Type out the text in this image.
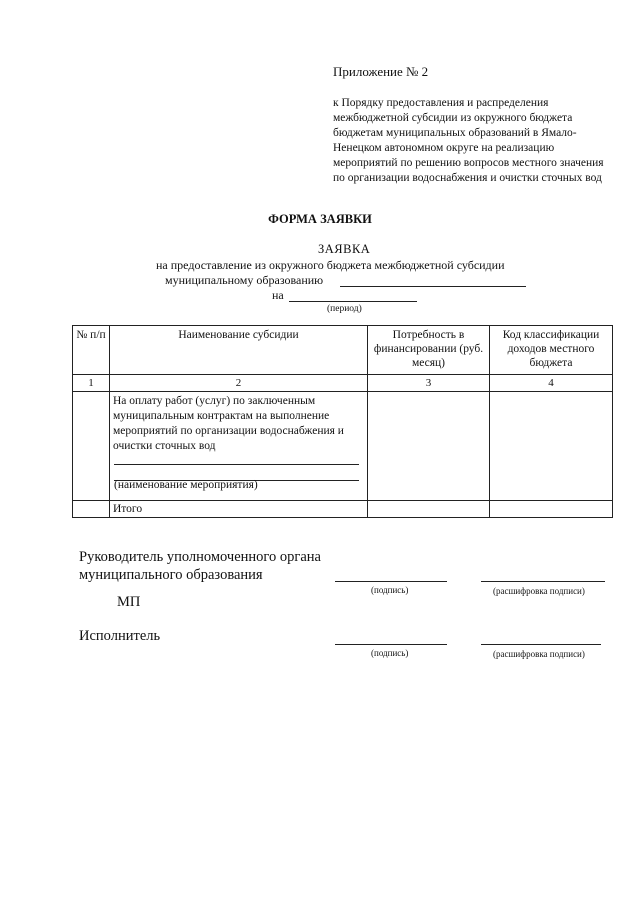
Приложение № 2
к Порядку предоставления и распределения межбюджетной субсидии из окружного бюджета бюджетам муниципальных образований в Ямало-Ненецком автономном округе на реализацию мероприятий по решению вопросов местного значения по организации водоснабжения и очистки сточных вод
ФОРМА ЗАЯВКИ
ЗАЯВКА
на предоставление из окружного бюджета межбюджетной субсидии
муниципальному образованию
на
(период)
№ п/п	Наименование субсидии	Потребность в финансировании (руб. месяц)	Код классификации доходов местного бюджета
1	2	3	4
	На оплату работ (услуг) по заключенным муниципальным контрактам на выполнение мероприятий по организации водоснабжения и очистки сточных вод
(наименование мероприятия)		

	Итого		
Руководитель уполномоченного органа муниципального образования
(подпись)	(расшифровка подписи)
МП
Исполнитель
(подпись)	(расшифровка подписи)
